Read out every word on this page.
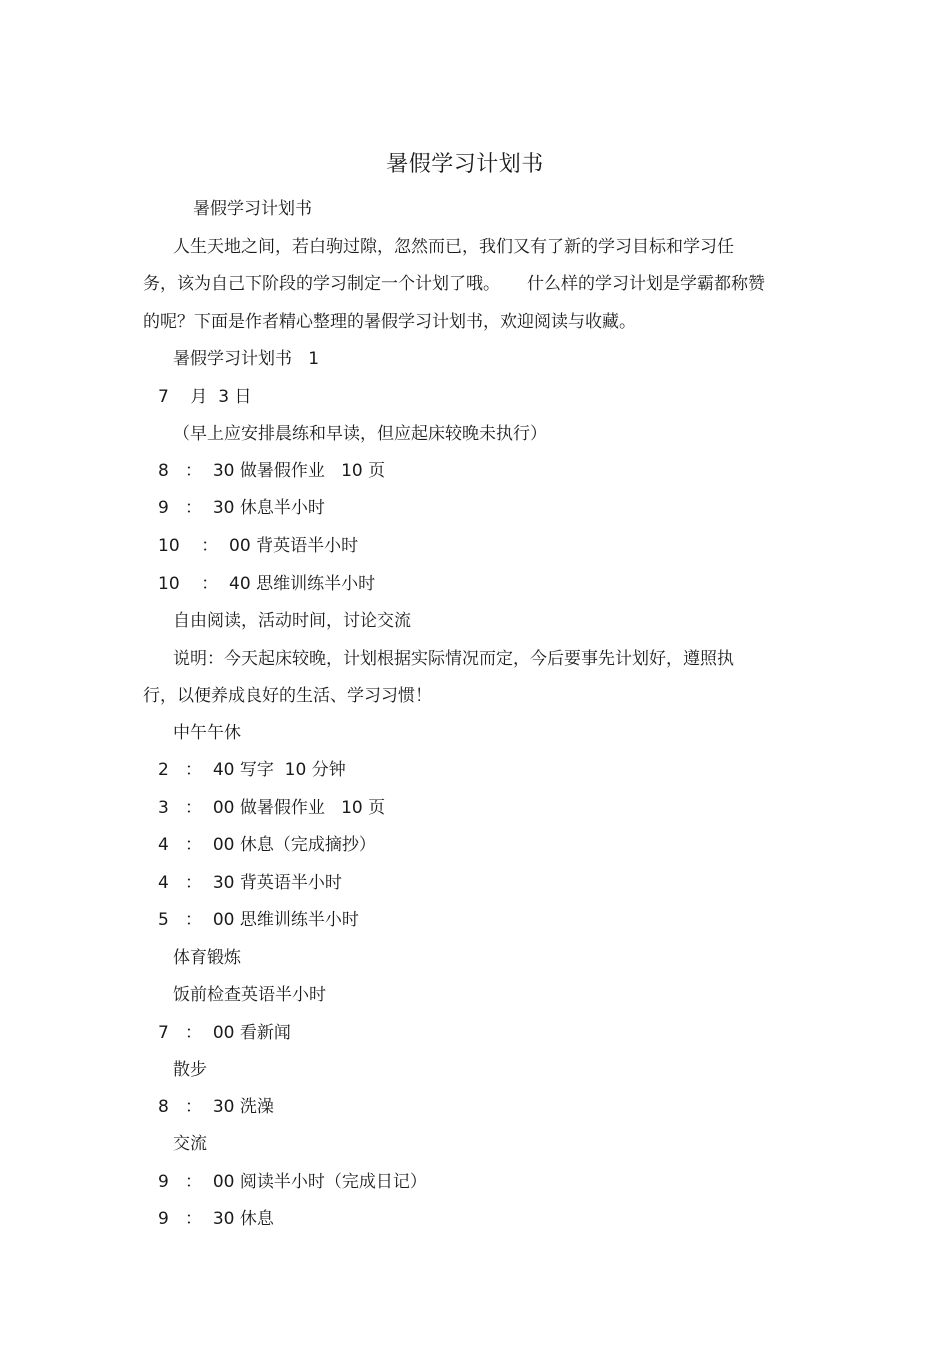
暑假学习计划书
暑假学习计划书
人生天地之间，若白驹过隙，忽然而已，我们又有了新的学习目标和学习任
务，该为自己下阶段的学习制定一个计划了哦。     什么样的学习计划是学霸都称赞
的呢？下面是作者精心整理的暑假学习计划书，欢迎阅读与收藏。
暑假学习计划书   1
7    月  3 日
（早上应安排晨练和早读，但应起床较晚未执行）
8   ：  30 做暑假作业   10 页
9   ：  30 休息半小时
10    ：  00 背英语半小时
10    ：  40 思维训练半小时
自由阅读，活动时间，讨论交流
说明：今天起床较晚，计划根据实际情况而定，今后要事先计划好，遵照执
行，以便养成良好的生活、学习习惯！
中午午休
2   ：  40 写字  10 分钟
3   ：  00 做暑假作业   10 页
4   ：  00 休息（完成摘抄）
4   ：  30 背英语半小时
5   ：  00 思维训练半小时
体育锻炼
饭前检查英语半小时
7   ：  00 看新闻
散步
8   ：  30 洗澡
交流
9   ：  00 阅读半小时（完成日记）
9   ：  30 休息
